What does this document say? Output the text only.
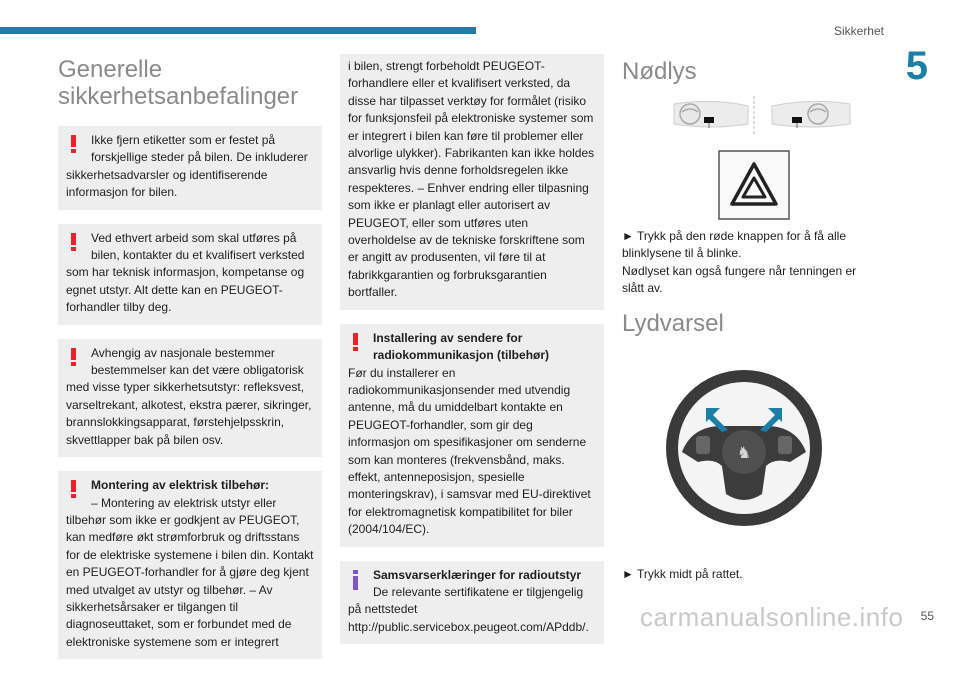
Sikkerhet
5
55
carmanualsonline.info
Generelle sikkerhetsanbefalinger
Ikke fjern etiketter som er festet på forskjellige steder på bilen. De inkluderer
sikkerhetsadvarsler og identifiserende informasjon for bilen.
Ved ethvert arbeid som skal utføres på bilen, kontakter du et kvalifisert verksted
som har teknisk informasjon, kompetanse og egnet utstyr. Alt dette kan en PEUGEOT-forhandler tilby deg.
Avhengig av nasjonale bestemmer bestemmelser kan det være obligatorisk
med visse typer sikkerhetsutstyr: refleksvest, varseltrekant, alkotest, ekstra pærer, sikringer, brannslokkingsapparat, førstehjelpsskrin, skvettlapper bak på bilen osv.
Montering av elektrisk tilbehør:
– Montering av elektrisk utstyr eller
tilbehør som ikke er godkjent av PEUGEOT, kan medføre økt strømforbruk og driftsstans for de elektriske systemene i bilen din. Kontakt en PEUGEOT-forhandler for å gjøre deg kjent med utvalget av utstyr og tilbehør. – Av sikkerhetsårsaker er tilgangen til diagnoseuttaket, som er forbundet med de elektroniske systemene som er integrert
i bilen, strengt forbeholdt PEUGEOT-forhandlere eller et kvalifisert verksted, da disse har tilpasset verktøy for formålet (risiko for funksjonsfeil på elektroniske systemer som er integrert i bilen kan føre til problemer eller alvorlige ulykker). Fabrikanten kan ikke holdes ansvarlig hvis denne forholdsregelen ikke respekteres. – Enhver endring eller tilpasning som ikke er planlagt eller autorisert av PEUGEOT, eller som utføres uten overholdelse av de tekniske forskriftene som er angitt av produsenten, vil føre til at fabrikkgarantien og forbruksgarantien bortfaller.
Installering av sendere for radiokommunikasjon (tilbehør)
Før du installerer en radiokommunikasjonsender med utvendig antenne, må du umiddelbart kontakte en PEUGEOT-forhandler, som gir deg informasjon om spesifikasjoner om senderne som kan monteres (frekvensbånd, maks. effekt, antenneposisjon, spesielle monteringskrav), i samsvar med EU-direktivet for elektromagnetisk kompatibilitet for biler (2004/104/EC).
Samsvarserklæringer for radioutstyr
De relevante sertifikatene er tilgjengelig
på nettstedet http://public.servicebox.peugeot.com/APddb/.
Nødlys

► Trykk på den røde knappen for å få alle blinklysene til å blinke.

Nødlyset kan også fungere når tenningen er slått av.

Lydvarsel
♞

► Trykk midt på rattet.
